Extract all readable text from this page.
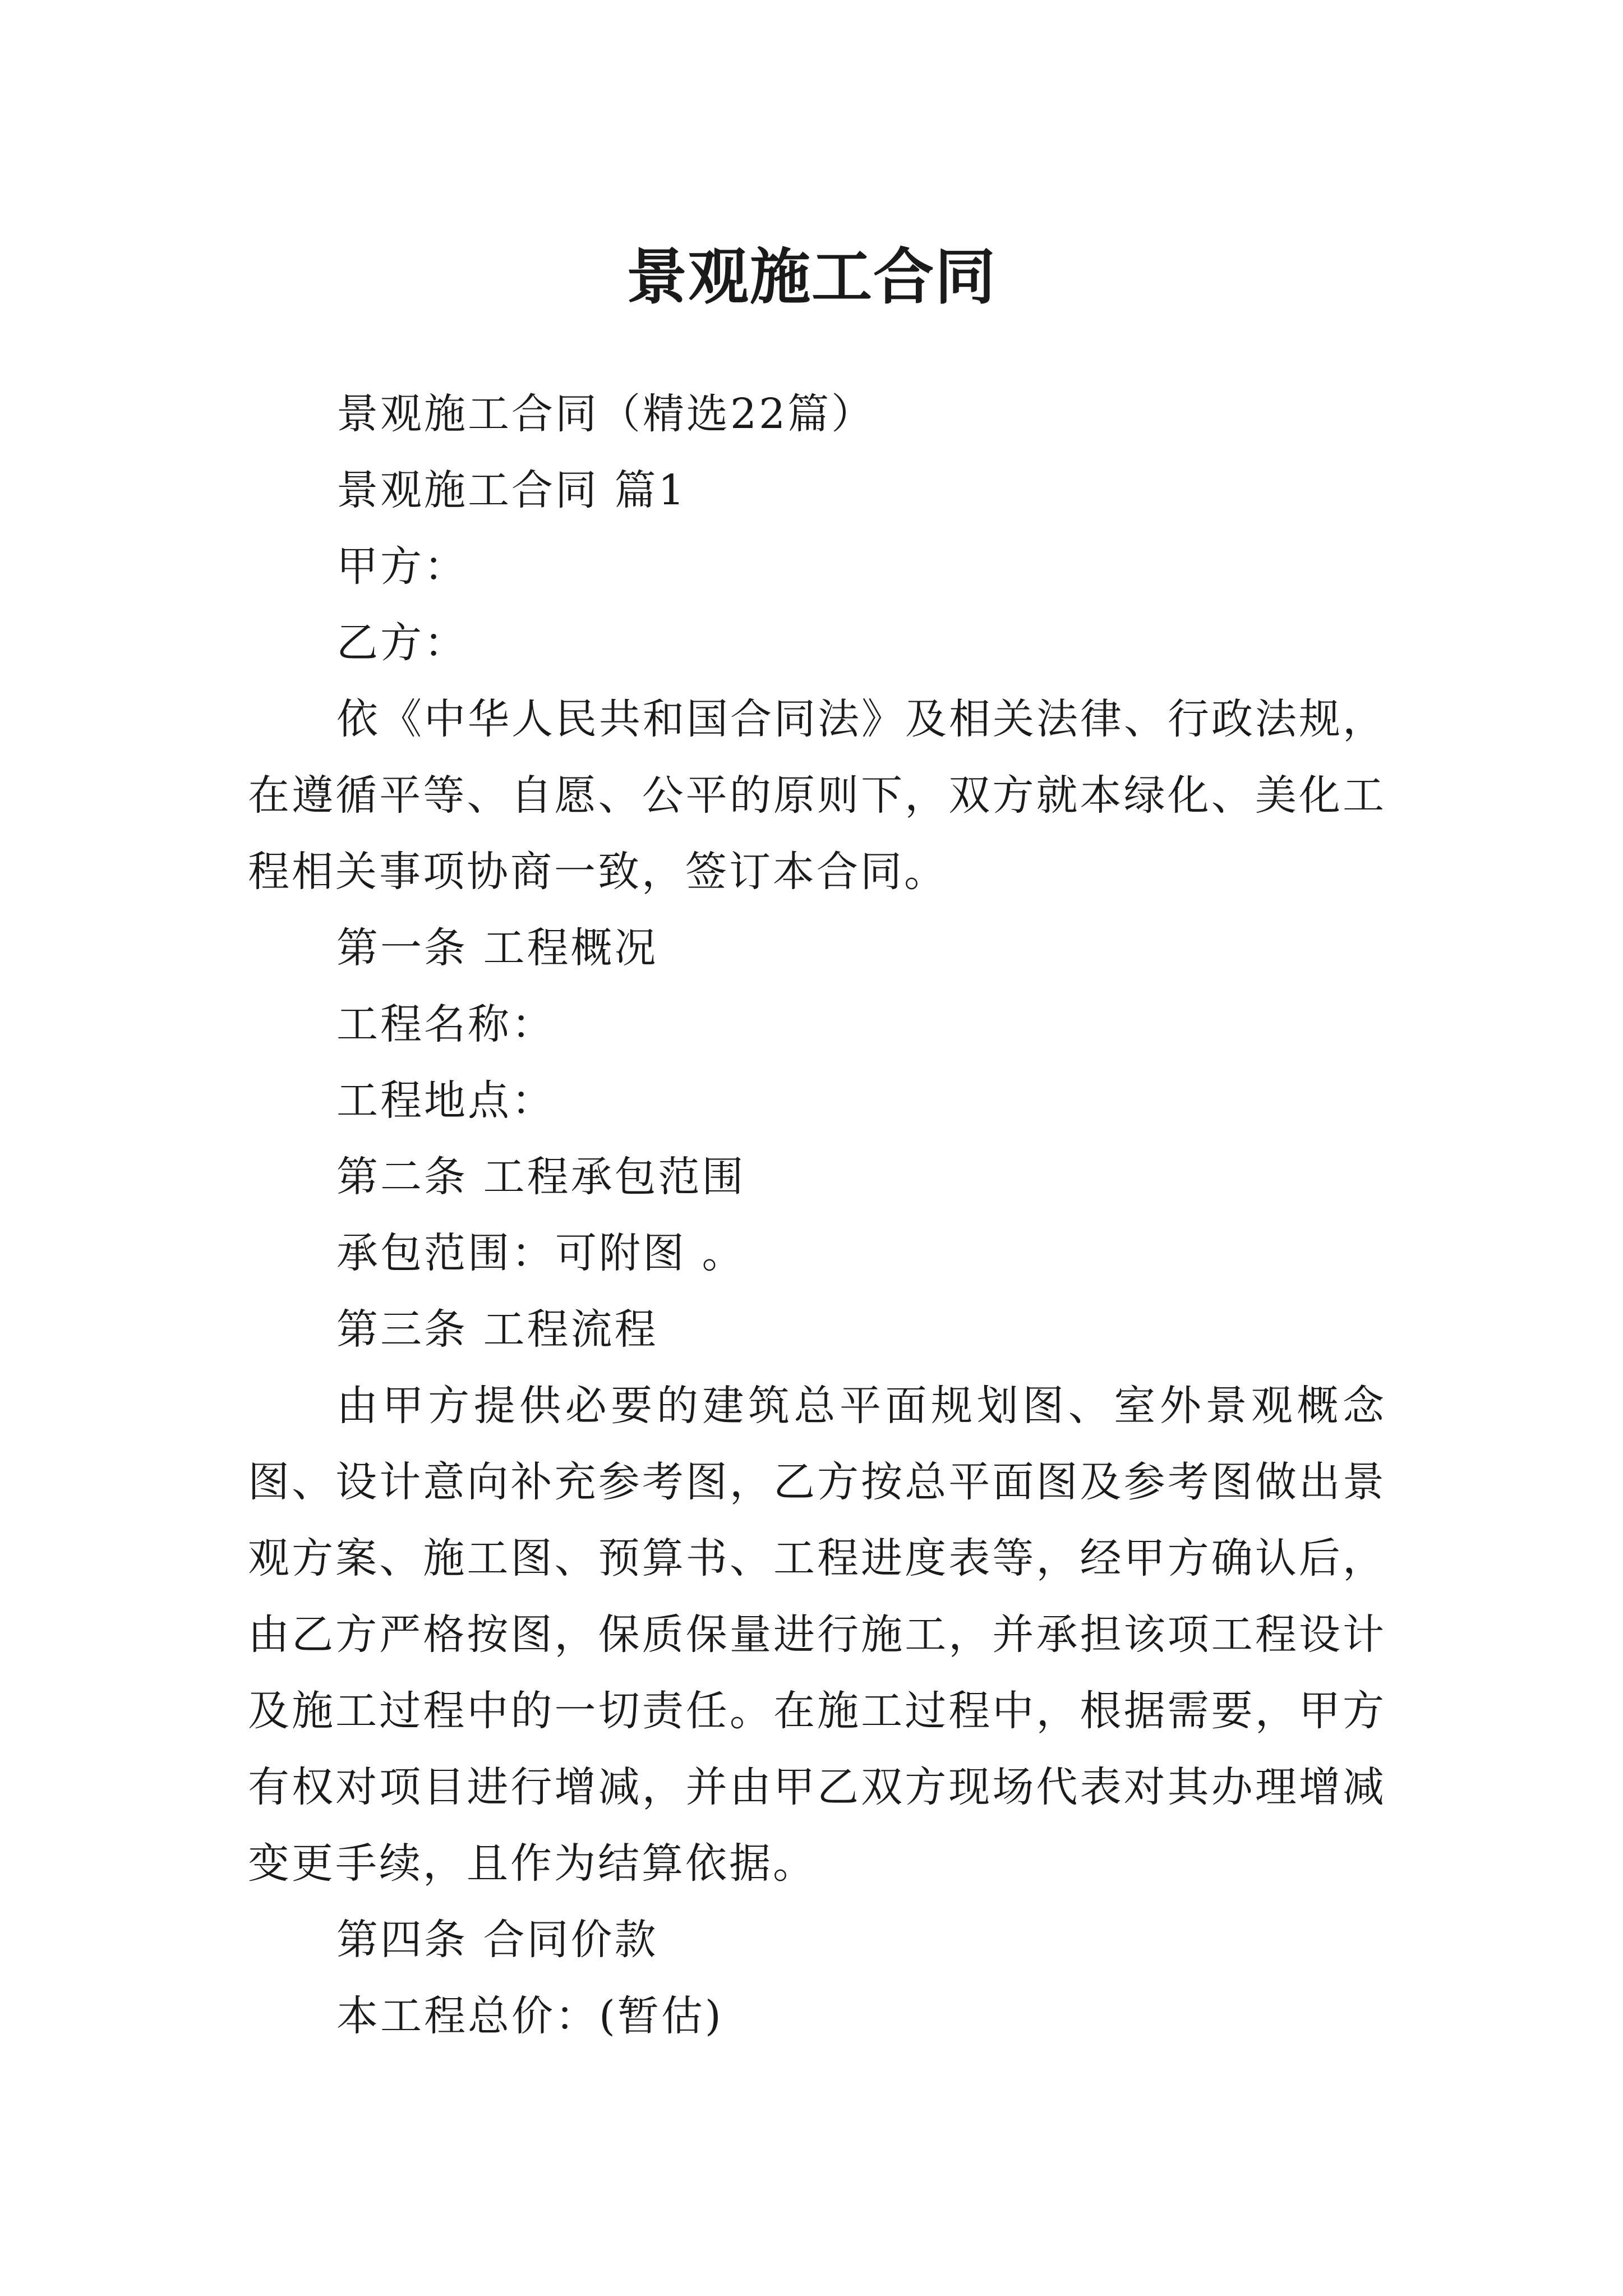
景观施工合同

景观施工合同（精选22篇）

景观施工合同 篇1

甲方：

乙方：

依《中华人民共和国合同法》及相关法律、行政法规，在遵循平等、自愿、公平的原则下，双方就本绿化、美化工程相关事项协商一致，签订本合同。

第一条 工程概况

工程名称：

工程地点：

第二条 工程承包范围

承包范围：可附图 。

第三条 工程流程

由甲方提供必要的建筑总平面规划图、室外景观概念图、设计意向补充参考图，乙方按总平面图及参考图做出景观方案、施工图、预算书、工程进度表等，经甲方确认后，由乙方严格按图，保质保量进行施工，并承担该项工程设计及施工过程中的一切责任。在施工过程中，根据需要，甲方有权对项目进行增减，并由甲乙双方现场代表对其办理增减变更手续，且作为结算依据。

第四条 合同价款

本工程总价：(暂估)
